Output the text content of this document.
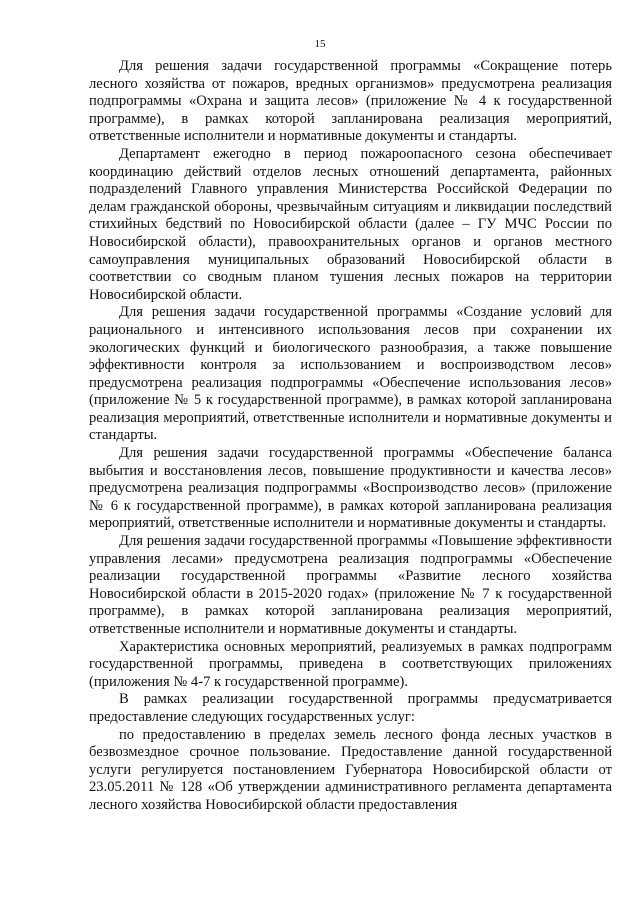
15

Для решения задачи государственной программы «Сокращение потерь лесного хозяйства от пожаров, вредных организмов» предусмотрена реализация подпрограммы «Охрана и защита лесов» (приложение № 4 к государственной программе), в рамках которой запланирована реализация мероприятий, ответственные исполнители и нормативные документы и стандарты.

Департамент ежегодно в период пожароопасного сезона обеспечивает координацию действий отделов лесных отношений департамента, районных подразделений Главного управления Министерства Российской Федерации по делам гражданской обороны, чрезвычайным ситуациям и ликвидации последствий стихийных бедствий по Новосибирской области (далее – ГУ МЧС России по Новосибирской области), правоохранительных органов и органов местного самоуправления муниципальных образований Новосибирской области в соответствии со сводным планом тушения лесных пожаров на территории Новосибирской области.

Для решения задачи государственной программы «Создание условий для рационального и интенсивного использования лесов при сохранении их экологических функций и биологического разнообразия, а также повышение эффективности контроля за использованием и воспроизводством лесов» предусмотрена реализация подпрограммы «Обеспечение использования лесов» (приложение № 5 к государственной программе), в рамках которой запланирована реализация мероприятий, ответственные исполнители и нормативные документы и стандарты.

Для решения задачи государственной программы «Обеспечение баланса выбытия и восстановления лесов, повышение продуктивности и качества лесов» предусмотрена реализация подпрограммы «Воспроизводство лесов» (приложение № 6 к государственной программе), в рамках которой запланирована реализация мероприятий, ответственные исполнители и нормативные документы и стандарты.

Для решения задачи государственной программы «Повышение эффективности управления лесами» предусмотрена реализация подпрограммы «Обеспечение реализации государственной программы «Развитие лесного хозяйства Новосибирской области в 2015-2020 годах» (приложение № 7 к государственной программе), в рамках которой запланирована реализация мероприятий, ответственные исполнители и нормативные документы и стандарты.

Характеристика основных мероприятий, реализуемых в рамках подпрограмм государственной программы, приведена в соответствующих приложениях (приложения № 4-7 к государственной программе).

В рамках реализации государственной программы предусматривается предоставление следующих государственных услуг:

по предоставлению в пределах земель лесного фонда лесных участков в безвозмездное срочное пользование. Предоставление данной государственной услуги регулируется постановлением Губернатора Новосибирской области от 23.05.2011 № 128 «Об утверждении административного регламента департамента лесного хозяйства Новосибирской области предоставления
